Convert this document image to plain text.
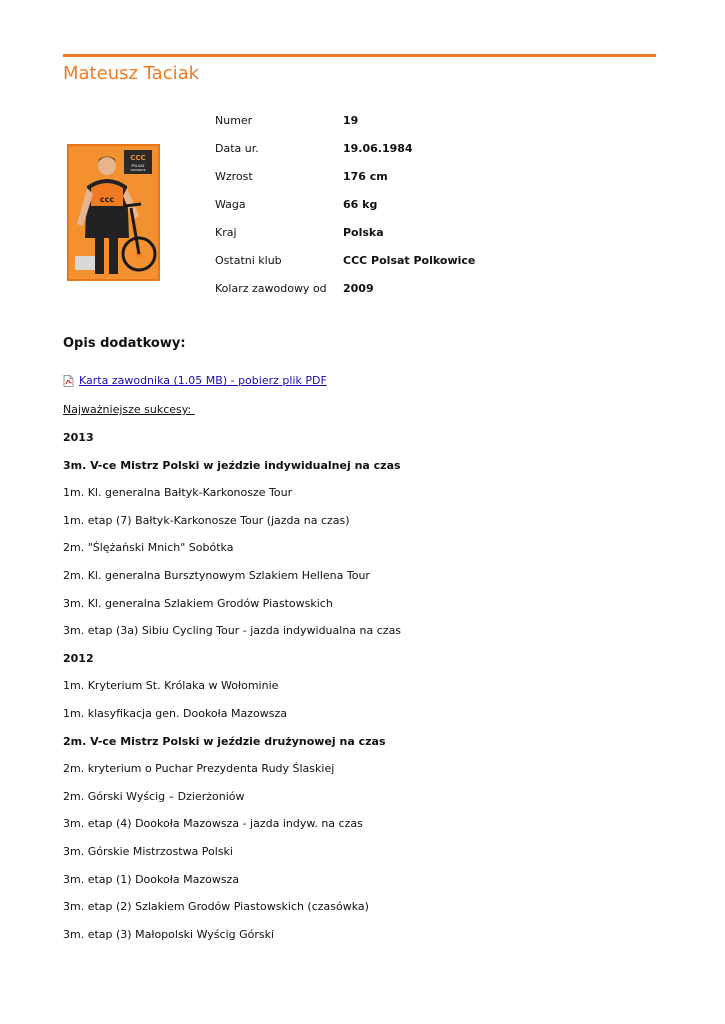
Mateusz Taciak
CCC
POLSAT
POLKOWICE
ccc
Numer	19
Data ur.	19.06.1984
Wzrost	176 cm
Waga	66 kg
Kraj	Polska
Ostatni klub	CCC Polsat Polkowice
Kolarz zawodowy od 2009
Opis dodatkowy:
Karta zawodnika (1.05 MB) - pobierz plik PDF
Najważniejsze sukcesy:
2013
3m. V-ce Mistrz Polski w jeździe indywidualnej na czas
1m. Kl. generalna Bałtyk-Karkonosze Tour
1m. etap (7) Bałtyk-Karkonosze Tour (jazda na czas)
2m. "Ślężański Mnich" Sobótka
2m. Kl. generalna Bursztynowym Szlakiem Hellena Tour
3m. Kl. generalna Szlakiem Grodów Piastowskich
3m. etap (3a) Sibiu Cycling Tour - jazda indywidualna na czas
2012
1m. Kryterium St. Królaka w Wołominie
1m. klasyfikacja gen. Dookoła Mazowsza
2m. V-ce Mistrz Polski w jeździe drużynowej na czas
2m. kryterium o Puchar Prezydenta Rudy Ślaskiej
2m. Górski Wyścig – Dzierżoniów
3m. etap (4) Dookoła Mazowsza - jazda indyw. na czas
3m. Górskie Mistrzostwa Polski
3m. etap (1) Dookoła Mazowsza
3m. etap (2) Szlakiem Grodów Piastowskich (czasówka)
3m. etap (3) Małopolski Wyścig Górski
